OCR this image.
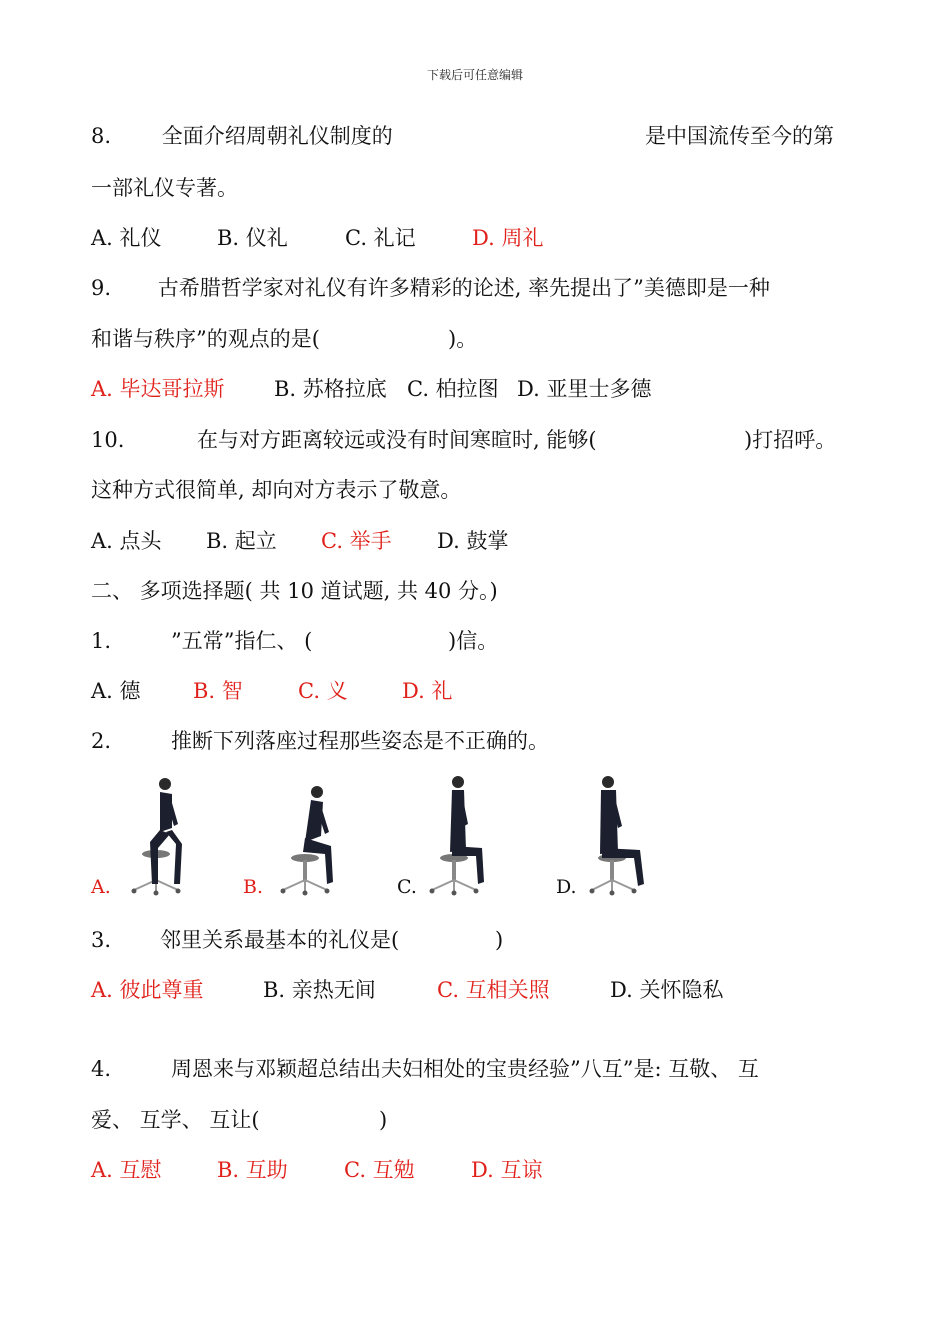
下载后可任意编辑
8. 全面介绍周朝礼仪制度的	是中国流传至今的第
一部礼仪专著。
A. 礼仪	B. 仪礼	C. 礼记	D. 周礼
9. 古希腊哲学家对礼仪有许多精彩的论述, 率先提出了”美德即是一种
和谐与秩序”的观点的是(	)。
A. 毕达哥拉斯 B. 苏格拉底 C. 柏拉图 D. 亚里士多德
10.	在与对方距离较远或没有时间寒暄时, 能够(	)打招呼。
这种方式很简单, 却向对方表示了敬意。
A. 点头 B. 起立 C. 举手 D. 鼓掌
二、 多项选择题( 共 10 道试题, 共 40 分。)
1.	”五常”指仁、 (	)信。
A. 德 B. 智	C. 义	D. 礼
2.	推断下列落座过程那些姿态是不正确的。
A.	B.	C.	D.
3. 邻里关系最基本的礼仪是(	)
A. 彼此尊重	B. 亲热无间	C. 互相关照	D. 关怀隐私
4.	周恩来与邓颖超总结出夫妇相处的宝贵经验”八互”是: 互敬、 互
爱、 互学、 互让(	)
A. 互慰	B. 互助	C. 互勉	D. 互谅
